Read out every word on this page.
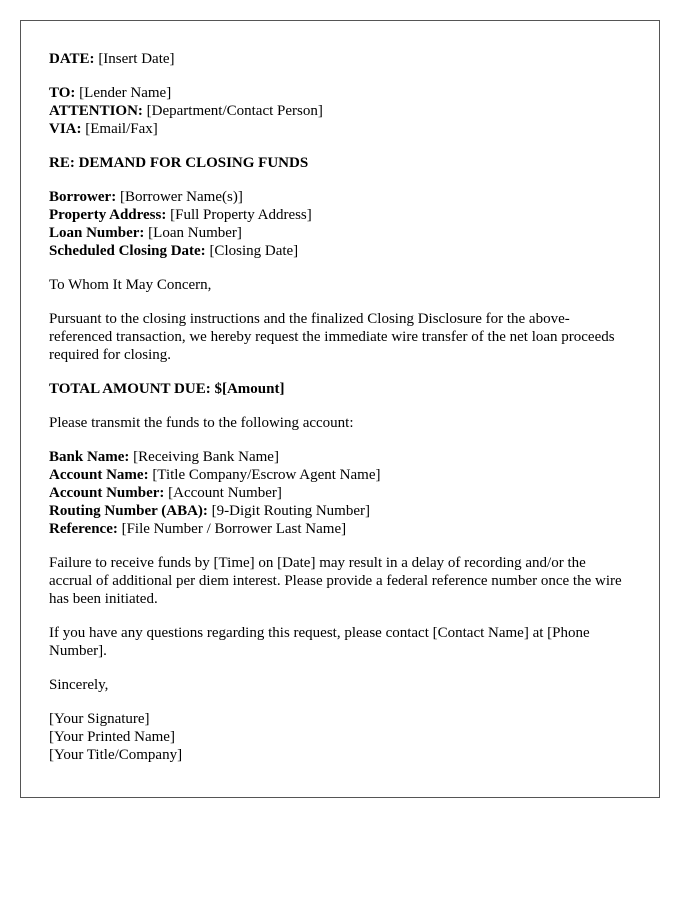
DATE: [Insert Date]
TO: [Lender Name]
ATTENTION: [Department/Contact Person]
VIA: [Email/Fax]
RE: DEMAND FOR CLOSING FUNDS
Borrower: [Borrower Name(s)]
Property Address: [Full Property Address]
Loan Number: [Loan Number]
Scheduled Closing Date: [Closing Date]

To Whom It May Concern,

Pursuant to the closing instructions and the finalized Closing Disclosure for the above-referenced transaction, we hereby request the immediate wire transfer of the net loan proceeds required for closing.

TOTAL AMOUNT DUE: $[Amount]

Please transmit the funds to the following account:

Bank Name: [Receiving Bank Name]
Account Name: [Title Company/Escrow Agent Name]
Account Number: [Account Number]
Routing Number (ABA): [9-Digit Routing Number]
Reference: [File Number / Borrower Last Name]

Failure to receive funds by [Time] on [Date] may result in a delay of recording and/or the accrual of additional per diem interest. Please provide a federal reference number once the wire has been initiated.

If you have any questions regarding this request, please contact [Contact Name] at [Phone Number].

Sincerely,

[Your Signature]
[Your Printed Name]
[Your Title/Company]
